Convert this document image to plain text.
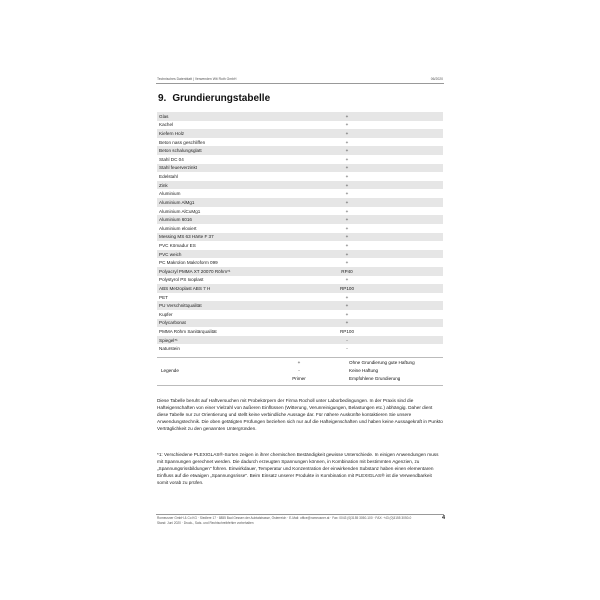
Technisches Datenblatt | Verwenden Wit Roth GmbH	06/2020
9. Grundierungstabelle
Glas	+
Kachel	+
Kiefern Holz	+
Beton nass geschliffen	+
Beton schalungsglatt	+
Stahl DC 04	+
Stahl feuerverzinkt	+
Edelstahl	+
Zink	+
Aluminium	+
Aluminium AlMg1	+
Aluminium AlCuMg1	+
Aluminium 6016	+
Aluminium eloxiert	+
Messing MS 63 Härte F 37	+
PVC Kömadur ES	+
PVC weich	+
PC Makrolon Makroform 099	+
Polyacryl PMMA XT 20070 Röhm*¹	RP40
Polystyrol PS Ixoplast	+
ABS Metzoplast ABS 7 H	RP100
PET	+
PU Verschnittqualität	+
Kupfer	+
Polycarbonat	+
PMMA Röhm Sanitärqualität	RP100
Spiegel*¹	-
Naturstein	-
Legende
+	Ohne Grundierung gute Haftung
-	Keine Haftung
Primer	Empfohlene Grundierung

Diese Tabelle beruht auf Haftversuchen mit Probekörpern der Firma Rocholl unter Laborbedingungen. In der Praxis sind die Hafteigenschaften von einer Vielzahl von äußeren Einflüssen (Witterung, Verunreinigungen, Belastungen etc.) abhängig. Daher dient diese Tabelle nur zur Orientierung und stellt keine verbindliche Aussage dar. Für nähere Auskünfte kontaktieren Sie unsere Anwendungstechnik. Die oben getätigten Prüfungen beziehen sich nur auf die Hafteigenschaften und haben keine Aussagekraft in Punkto Verträglichkeit zu den genannten Untergründen.

*1: Verschiedene PLEXIGLAS®-Sorten zeigen in ihrer chemischen Beständigkeit gewisse Unterschiede. In einigen Anwendungen muss mit Spannungen gerechnet werden. Die dadurch erzeugten Spannungen können, in Kombination mit bestimmten Agenzien, zu „Spannungsrissbildungen" führen. Einwirkdauer, Temperatur und Konzentration der einwirkenden Substanz haben einen elementaren Einfluss auf die etwaigen „Spannungsrisse". Beim Einsatz unserer Produkte in Kombination mit PLEXIGLAS® ist die Verwendbarkeit somit vorab zu prüfen.

Romeusner GmbH & Co KG · Siedlere 17 · 8855 Bad Gessen der Aubtalstrasse, Österreich · E-Mail: office@romeusner.at · Fax: 0043 (0)3155 3050-100 · FAX: +43 (0)3155 3050-0
Stand: Juni 2020 · Druck-, Satz- und Rechtschreibfehler vorbehalten
4
